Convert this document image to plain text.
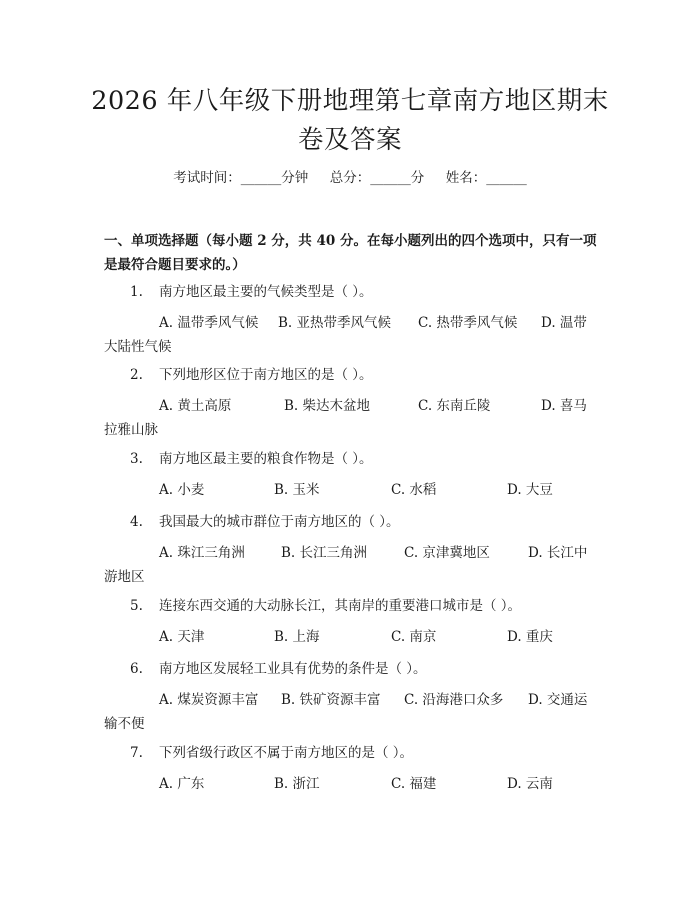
2026 年八年级下册地理第七章南方地区期末
卷及答案
考试时间：______分钟     总分：______分     姓名：______
一、单项选择题（每小题 2 分，共 40 分。在每小题列出的四个选项中，只有一项
是最符合题目要求的。）
1. 南方地区最主要的气候类型是（ ）。
A. 温带季风气候 B. 亚热带季风气候 C. 热带季风气候 D. 温带
大陆性气候
2. 下列地形区位于南方地区的是（ ）。
A. 黄土高原	B. 柴达木盆地	C. 东南丘陵	D. 喜马
拉雅山脉
3. 南方地区最主要的粮食作物是（ ）。
A. 小麦	B. 玉米	C. 水稻	D. 大豆
4. 我国最大的城市群位于南方地区的（ ）。
A. 珠江三角洲	B. 长江三角洲	C. 京津冀地区	D. 长江中
游地区
5. 连接东西交通的大动脉长江，其南岸的重要港口城市是（ ）。
A. 天津	B. 上海	C. 南京	D. 重庆
6. 南方地区发展轻工业具有优势的条件是（ ）。
A. 煤炭资源丰富 B. 铁矿资源丰富 C. 沿海港口众多 D. 交通运
输不便
7. 下列省级行政区不属于南方地区的是（ ）。
A. 广东	B. 浙江	C. 福建	D. 云南
